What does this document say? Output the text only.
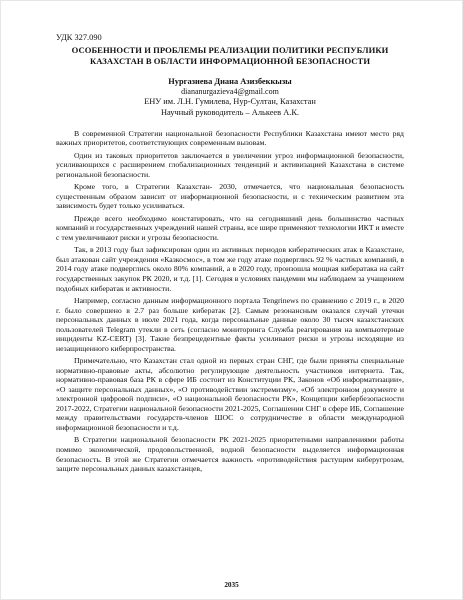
УДК 327.090
ОСОБЕННОСТИ И ПРОБЛЕМЫ РЕАЛИЗАЦИИ ПОЛИТИКИ РЕСПУБЛИКИ
КАЗАХСТАН В ОБЛАСТИ ИНФОРМАЦИОННОЙ БЕЗОПАСНОСТИ
Нургазиева Диана Азизбеккызы
diananurgazieva4@gmail.com
ЕНУ им. Л.Н. Гумилева, Нур-Султан, Казахстан
Научный руководитель – Алькеев А.К.

В современной Стратегии национальной безопасности Республики Казахстана имеют место ряд важных приоритетов, соответствующих современным вызовам.

Один из таковых приоритетов заключается в увеличении угроз информационной безопасности, усиливающихся с расширением глобализационных тенденций и активизацией Казахстана в системе региональной безопасности.

Кроме того, в Стратегии Казахстан- 2030, отмечается, что национальная безопасность существенным образом зависит от информационной безопасности, и с техническим развитием эта зависимость будет только усиливаться.

Прежде всего необходимо констатировать, что на сегодняшний день большинство частных компаний и государственных учреждений нашей страны, все шире применяют технологии ИКТ и вместе с тем увеличивают риски и угрозы безопасности.

Так, в 2013 году был зафиксирован один из активных периодов кибератических атак в Казахстане, был атакован сайт учреждения «Казкосмос», в том же году атаке подверглись 92 % частных компаний, в 2014 году атаке подверглись около 80% компаний, а в 2020 году, произошла мощная кибератака на сайт государственных закупок РК 2020, и т.д. [1]. Сегодня в условиях пандемии мы наблюдаем за учащением подобных кибератак и активности.

Например, согласно данным информационного портала Tengrinews по сравнению с 2019 г., в 2020 г. было совершено в 2.7 раз больше кибератак [2]. Самым резонансным оказался случай утечки персональных данных в июле 2021 года, когда персональные данные около 30 тысяч казахстанских пользователей Telegram утекли в сеть (согласно мониторинга Служба реагирования на компьютерные инциденты KZ-CERT) [3]. Такие безпрецедентные факты усиливают риски и угрозы исходящие из незащищенного киберпространства.

Примечательно, что Казахстан стал одной из первых стран СНГ, где были приняты специальные нормативно-правовые акты, абсолютно регулирующие деятельность участников интернета. Так, нормативно-правовая база РК в сфере ИБ состоит из Конституции РК, Законов «Об информатизации», «О защите персональных данных», «О противодействии экстремизму», «Об электронном документе и электронной цифровой подписи», «О национальной безопасности РК», Концепции кибербезопасности 2017-2022, Стратегии национальной безопасности 2021-2025, Соглашении СНГ в сфере ИБ, Соглашение между правительствами государств-членов ШОС о сотрудничестве в области международной информационной безопасности и т.д.

В Стратегии национальной безопасности РК 2021-2025 приоритетными направлениями работы помимо экономической, продовольственной, водной безопасности выделяется информационная безопасность. В этой же Стратегии отмечается важность «противодействия растущим киберугрозам, защите персональных данных казахстанцев,

2035
